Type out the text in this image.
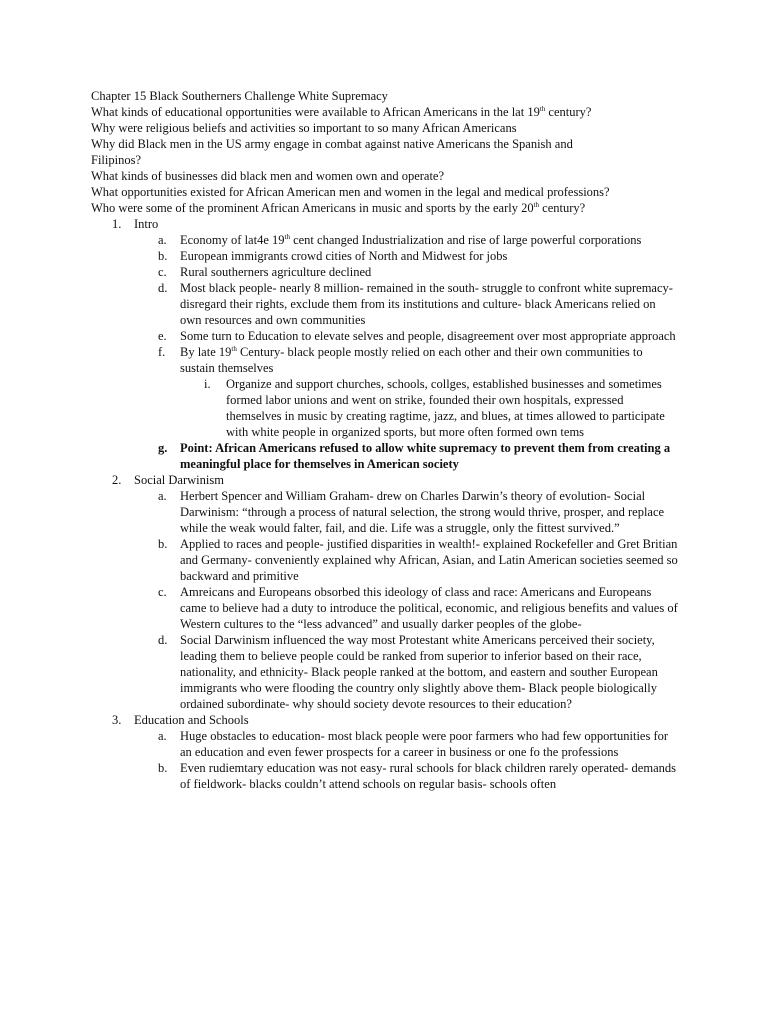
Chapter 15 Black Southerners Challenge White Supremacy
What kinds of educational opportunities were available to African Americans in the lat 19th century?
Why were religious beliefs and activities so important to so many African Americans
Why did Black men in the US army engage in combat against native Americans the Spanish and
Filipinos?
What kinds of businesses did black men and women own and operate?
What opportunities existed for African American men and women in the legal and medical professions?
Who were some of the prominent African Americans in music and sports by the early 20th century?
1. Intro
a. Economy of lat4e 19th cent changed Industrialization and rise of large powerful corporations
b. European immigrants crowd cities of North and Midwest for jobs
c. Rural southerners agriculture declined
d. Most black people- nearly 8 million- remained in the south- struggle to confront white supremacy- disregard their rights, exclude them from its institutions and culture- black Americans relied on own resources and own communities
e. Some turn to Education to elevate selves and people, disagreement over most appropriate approach
f. By late 19th Century- black people mostly relied on each other and their own communities to sustain themselves
i. Organize and support churches, schools, collges, established businesses and sometimes formed labor unions and went on strike, founded their own hospitals, expressed themselves in music by creating ragtime, jazz, and blues, at times allowed to participate with white people in organized sports, but more often formed own tems
g. Point: African Americans refused to allow white supremacy to prevent them from creating a meaningful place for themselves in American society
2. Social Darwinism
a. Herbert Spencer and William Graham- drew on Charles Darwin’s theory of evolution- Social Darwinism: “through a process of natural selection, the strong would thrive, prosper, and replace while the weak would falter, fail, and die. Life was a struggle, only the fittest survived.”
b. Applied to races and people- justified disparities in wealth!- explained Rockefeller and Gret Britian and Germany- conveniently explained why African, Asian, and Latin American societies seemed so backward and primitive
c. Amreicans and Europeans obsorbed this ideology of class and race: Americans and Europeans came to believe had a duty to introduce the political, economic, and religious benefits and values of Western cultures to the “less advanced” and usually darker peoples of the globe-
d. Social Darwinism influenced the way most Protestant white Americans perceived their society, leading them to believe people could be ranked from superior to inferior based on their race, nationality, and ethnicity- Black people ranked at the bottom, and eastern and souther European immigrants who were flooding the country only slightly above them- Black people biologically ordained subordinate- why should society devote resources to their education?
3. Education and Schools
a. Huge obstacles to education- most black people were poor farmers who had few opportunities for an education and even fewer prospects for a career in business or one fo the professions
b. Even rudiemtary education was not easy- rural schools for black children rarely operated- demands of fieldwork- blacks couldn’t attend schools on regular basis- schools often
